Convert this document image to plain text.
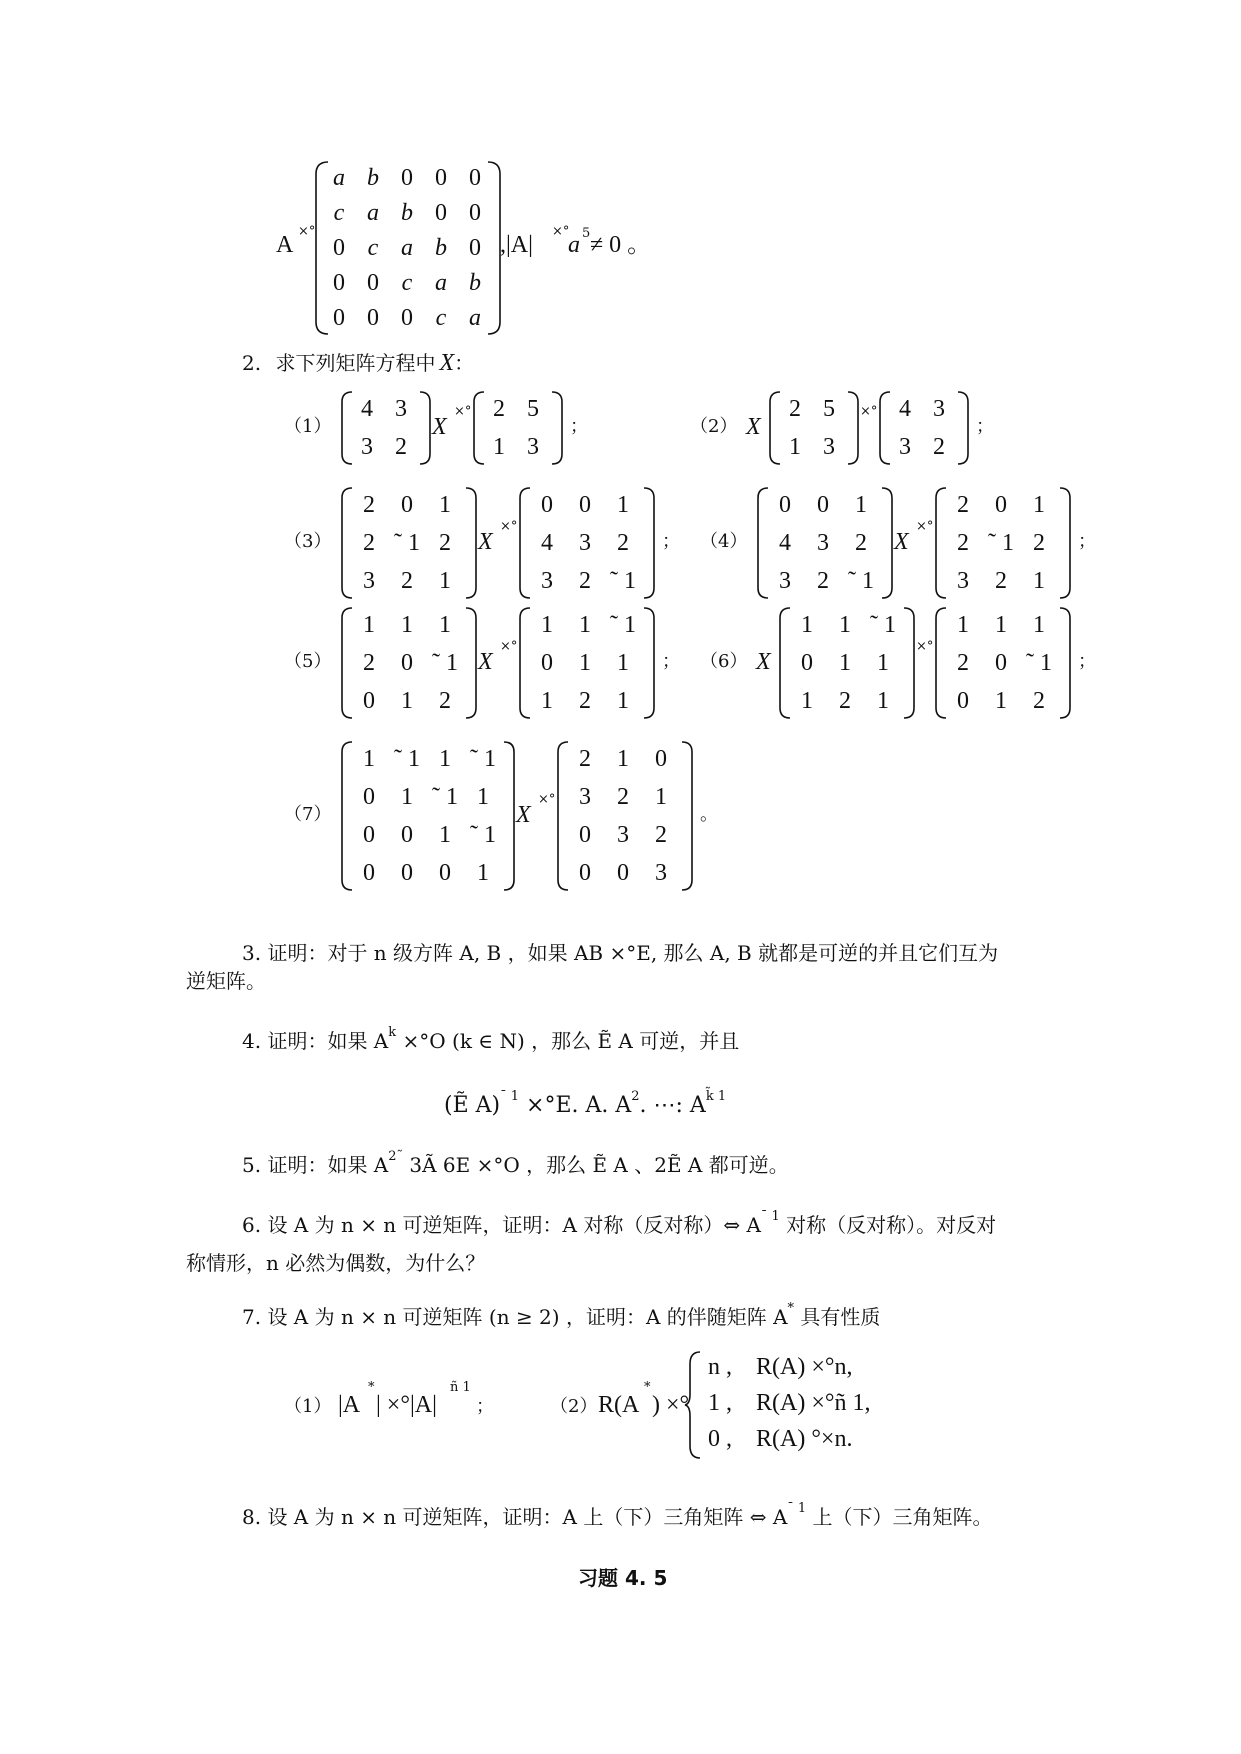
A
×°
a b 0 0 0
c a b 0 0
0 c a b 0
0 0 c a b
0 0 0 c a
,|A|
×°
a 5 ≠ 0 。
2. 求下列矩阵方程中 X：
（1）
4 3
3 2
X
×° 2 5
1 3
；	（2） X
2 5
1 3
×° 4 3
3 2
；
（3）
2 0 1
2 ˜ 1 2
3 2 1
X
×°
0 0 1
4 3 2
3 2 ˜ 1
； （4）
0 0 1
4 3 2
3 2 ˜ 1
X
×°
2 0 1
2 ˜ 1 2
3 2 1
；
（5）
1 1 1
2 0 ˜ 1
0 1 2
X
×°
1 1 ˜ 1
0 1 1
1 2 1
； （6） X
1 1 ˜ 1
0 1 1
1 2 1
×°
1 1 1
2 0 ˜ 1
0 1 2
；
（7）
1 ˜ 1 1 ˜ 1
0 1 ˜ 1 1
0 0 1 ˜ 1
0 0 0 1
X
×°
2 1 0
3 2 1
0 3 2
0 0 3
。
3. 证明：对于 n 级方阵 A, B ，如果 AB ×°E, 那么 A, B 就都是可逆的并且它们互为
逆矩阵。
4. 证明：如果 $A^k \times^\circ O$ (k ∈ N) ，那么 Ẽ A 可逆，并且
(Ẽ A)$^{ˉ 1}$ ×°E. A. $A^2$. ⋯: $A^{k̃ 1}$
5. 证明：如果 $A^{2˜}$ 3Ã 6E ×°O ，那么 Ẽ A 、2Ẽ A 都可逆。
6. 设 A 为 n × n 可逆矩阵，证明：A 对称（反对称）⇔ $A^{ˉ 1}$ 对称（反对称）。对反对
称情形，n 必然为偶数，为什么？
7. 设 A 为 n × n 可逆矩阵 (n ≥ 2) ，证明：A 的伴随矩阵 A* 具有性质
（1） |A
*
| ×°|A|
ñ 1
；	（2） R(A
*
) ×°
n , R(A) ×°n,
1 , R(A) ×°ñ 1,
0 , R(A) °×n.
8. 设 A 为 n × n 可逆矩阵，证明：A 上（下）三角矩阵 ⇔ $A^{ˉ 1}$ 上（下）三角矩阵。
习题 4. 5
